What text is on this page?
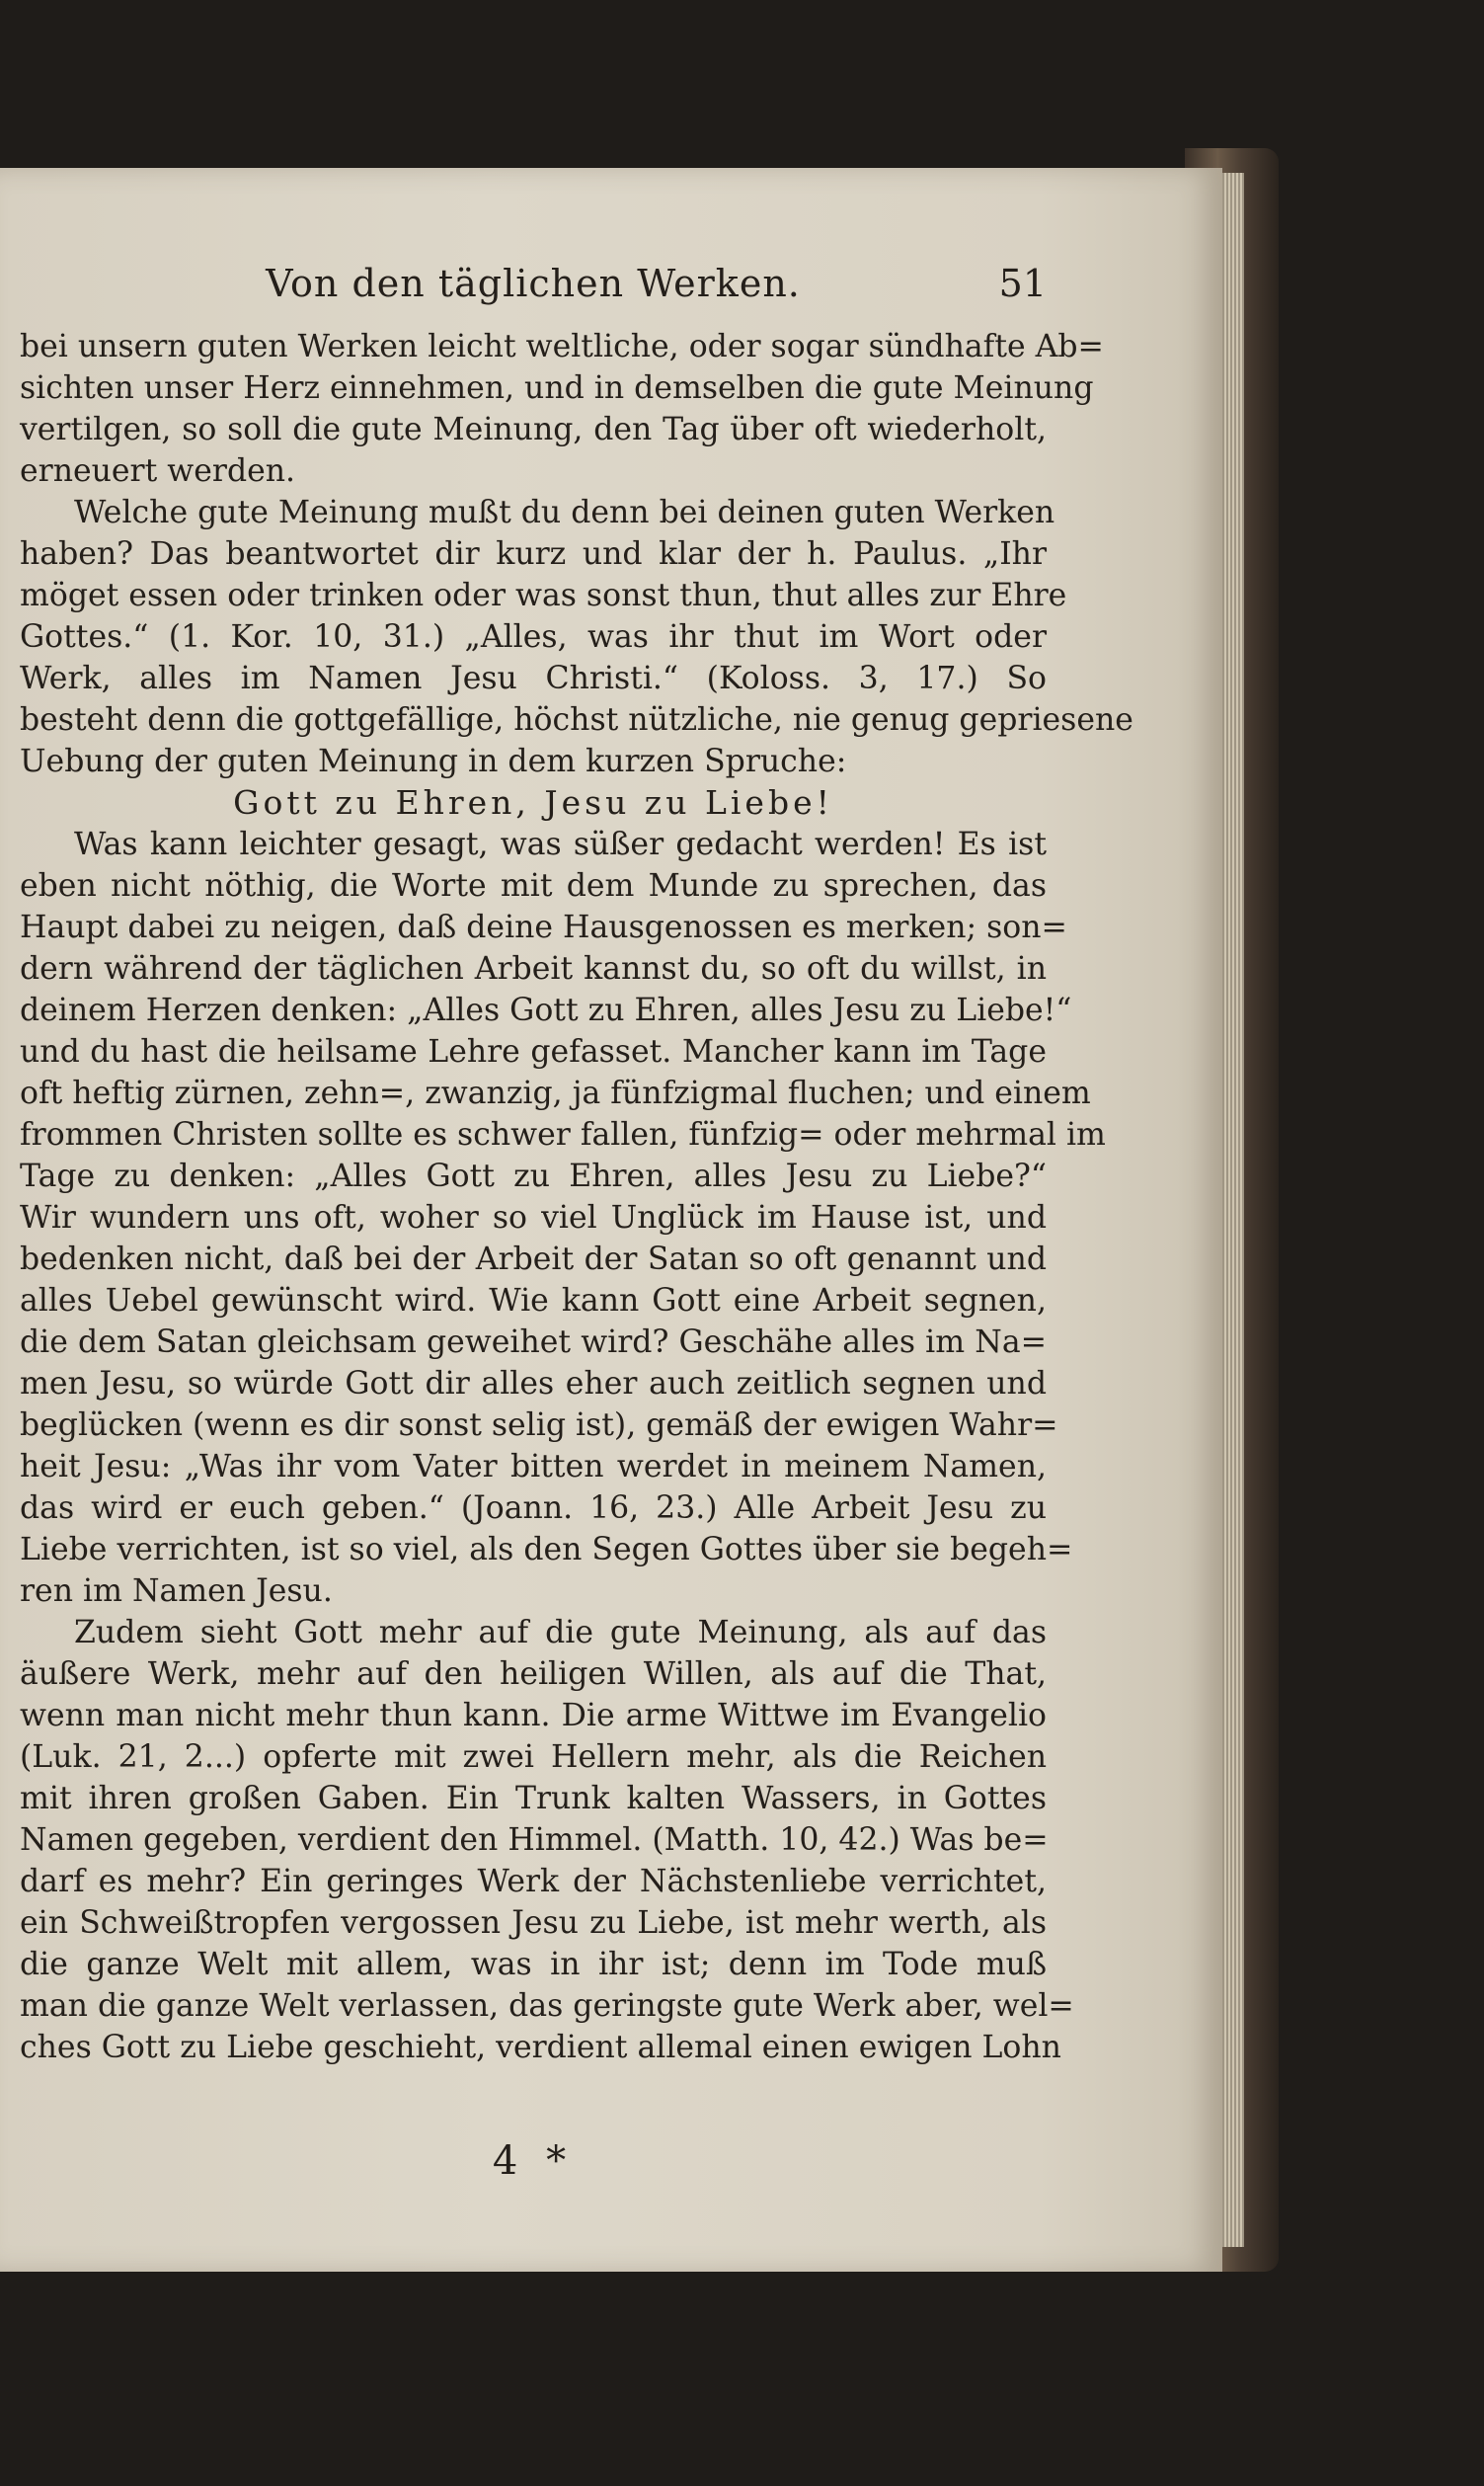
Von den täglichen Werken.	51
bei unsern guten Werken leicht weltliche, oder sogar sündhafte Ab=
sichten unser Herz einnehmen, und in demselben die gute Meinung
vertilgen, so soll die gute Meinung, den Tag über oft wiederholt,
erneuert werden.
Welche gute Meinung mußt du denn bei deinen guten Werken
haben? Das beantwortet dir kurz und klar der h. Paulus. „Ihr
möget essen oder trinken oder was sonst thun, thut alles zur Ehre
Gottes.“ (1. Kor. 10, 31.) „Alles, was ihr thut im Wort oder
Werk, alles im Namen Jesu Christi.“ (Koloss. 3, 17.) So
besteht denn die gottgefällige, höchst nützliche, nie genug gepriesene
Uebung der guten Meinung in dem kurzen Spruche:
Gott zu Ehren, Jesu zu Liebe!
Was kann leichter gesagt, was süßer gedacht werden! Es ist
eben nicht nöthig, die Worte mit dem Munde zu sprechen, das
Haupt dabei zu neigen, daß deine Hausgenossen es merken; son=
dern während der täglichen Arbeit kannst du, so oft du willst, in
deinem Herzen denken: „Alles Gott zu Ehren, alles Jesu zu Liebe!“
und du hast die heilsame Lehre gefasset. Mancher kann im Tage
oft heftig zürnen, zehn=, zwanzig, ja fünfzigmal fluchen; und einem
frommen Christen sollte es schwer fallen, fünfzig= oder mehrmal im
Tage zu denken: „Alles Gott zu Ehren, alles Jesu zu Liebe?“
Wir wundern uns oft, woher so viel Unglück im Hause ist, und
bedenken nicht, daß bei der Arbeit der Satan so oft genannt und
alles Uebel gewünscht wird. Wie kann Gott eine Arbeit segnen,
die dem Satan gleichsam geweihet wird? Geschähe alles im Na=
men Jesu, so würde Gott dir alles eher auch zeitlich segnen und
beglücken (wenn es dir sonst selig ist), gemäß der ewigen Wahr=
heit Jesu: „Was ihr vom Vater bitten werdet in meinem Namen,
das wird er euch geben.“ (Joann. 16, 23.) Alle Arbeit Jesu zu
Liebe verrichten, ist so viel, als den Segen Gottes über sie begeh=
ren im Namen Jesu.
Zudem sieht Gott mehr auf die gute Meinung, als auf das
äußere Werk, mehr auf den heiligen Willen, als auf die That,
wenn man nicht mehr thun kann. Die arme Wittwe im Evangelio
(Luk. 21, 2...) opferte mit zwei Hellern mehr, als die Reichen
mit ihren großen Gaben. Ein Trunk kalten Wassers, in Gottes
Namen gegeben, verdient den Himmel. (Matth. 10, 42.) Was be=
darf es mehr? Ein geringes Werk der Nächstenliebe verrichtet,
ein Schweißtropfen vergossen Jesu zu Liebe, ist mehr werth, als
die ganze Welt mit allem, was in ihr ist; denn im Tode muß
man die ganze Welt verlassen, das geringste gute Werk aber, wel=
ches Gott zu Liebe geschieht, verdient allemal einen ewigen Lohn
4 *
